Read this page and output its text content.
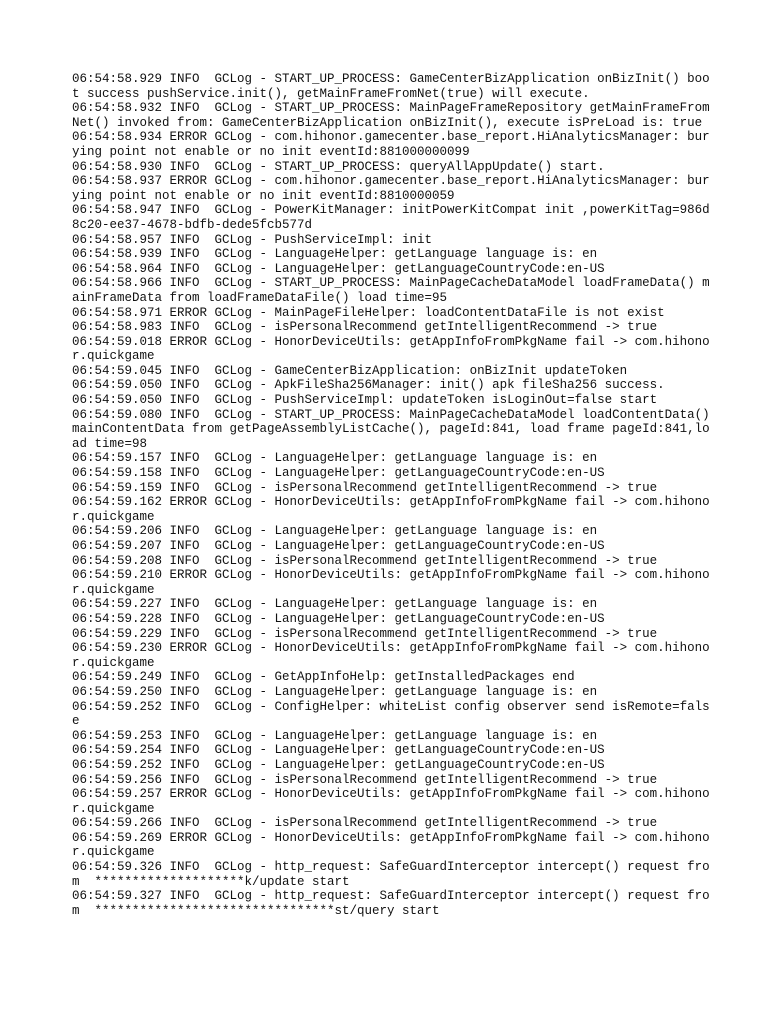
06:54:58.929 INFO  GCLog - START_UP_PROCESS: GameCenterBizApplication onBizInit() boot success pushService.init(), getMainFrameFromNet(true) will execute.

06:54:58.932 INFO  GCLog - START_UP_PROCESS: MainPageFrameRepository getMainFrameFromNet() invoked from: GameCenterBizApplication onBizInit(), execute isPreLoad is: true

06:54:58.934 ERROR GCLog - com.hihonor.gamecenter.base_report.HiAnalyticsManager: burying point not enable or no init eventId:881000000099

06:54:58.930 INFO  GCLog - START_UP_PROCESS: queryAllAppUpdate() start.

06:54:58.937 ERROR GCLog - com.hihonor.gamecenter.base_report.HiAnalyticsManager: burying point not enable or no init eventId:8810000059

06:54:58.947 INFO  GCLog - PowerKitManager: initPowerKitCompat init ,powerKitTag=986d8c20-ee37-4678-bdfb-dede5fcb577d

06:54:58.957 INFO  GCLog - PushServiceImpl: init

06:54:58.939 INFO  GCLog - LanguageHelper: getLanguage language is: en

06:54:58.964 INFO  GCLog - LanguageHelper: getLanguageCountryCode:en-US

06:54:58.966 INFO  GCLog - START_UP_PROCESS: MainPageCacheDataModel loadFrameData() mainFrameData from loadFrameDataFile() load time=95

06:54:58.971 ERROR GCLog - MainPageFileHelper: loadContentDataFile is not exist

06:54:58.983 INFO  GCLog - isPersonalRecommend getIntelligentRecommend -> true

06:54:59.018 ERROR GCLog - HonorDeviceUtils: getAppInfoFromPkgName fail -> com.hihonor.quickgame

06:54:59.045 INFO  GCLog - GameCenterBizApplication: onBizInit updateToken

06:54:59.050 INFO  GCLog - ApkFileSha256Manager: init() apk fileSha256 success.

06:54:59.050 INFO  GCLog - PushServiceImpl: updateToken isLoginOut=false start

06:54:59.080 INFO  GCLog - START_UP_PROCESS: MainPageCacheDataModel loadContentData() mainContentData from getPageAssemblyListCache(), pageId:841, load frame pageId:841,load time=98

06:54:59.157 INFO  GCLog - LanguageHelper: getLanguage language is: en

06:54:59.158 INFO  GCLog - LanguageHelper: getLanguageCountryCode:en-US

06:54:59.159 INFO  GCLog - isPersonalRecommend getIntelligentRecommend -> true

06:54:59.162 ERROR GCLog - HonorDeviceUtils: getAppInfoFromPkgName fail -> com.hihonor.quickgame

06:54:59.206 INFO  GCLog - LanguageHelper: getLanguage language is: en

06:54:59.207 INFO  GCLog - LanguageHelper: getLanguageCountryCode:en-US

06:54:59.208 INFO  GCLog - isPersonalRecommend getIntelligentRecommend -> true

06:54:59.210 ERROR GCLog - HonorDeviceUtils: getAppInfoFromPkgName fail -> com.hihonor.quickgame

06:54:59.227 INFO  GCLog - LanguageHelper: getLanguage language is: en

06:54:59.228 INFO  GCLog - LanguageHelper: getLanguageCountryCode:en-US

06:54:59.229 INFO  GCLog - isPersonalRecommend getIntelligentRecommend -> true

06:54:59.230 ERROR GCLog - HonorDeviceUtils: getAppInfoFromPkgName fail -> com.hihonor.quickgame

06:54:59.249 INFO  GCLog - GetAppInfoHelp: getInstalledPackages end

06:54:59.250 INFO  GCLog - LanguageHelper: getLanguage language is: en

06:54:59.252 INFO  GCLog - ConfigHelper: whiteList config observer send isRemote=false

06:54:59.253 INFO  GCLog - LanguageHelper: getLanguage language is: en

06:54:59.254 INFO  GCLog - LanguageHelper: getLanguageCountryCode:en-US

06:54:59.252 INFO  GCLog - LanguageHelper: getLanguageCountryCode:en-US

06:54:59.256 INFO  GCLog - isPersonalRecommend getIntelligentRecommend -> true

06:54:59.257 ERROR GCLog - HonorDeviceUtils: getAppInfoFromPkgName fail -> com.hihonor.quickgame

06:54:59.266 INFO  GCLog - isPersonalRecommend getIntelligentRecommend -> true

06:54:59.269 ERROR GCLog - HonorDeviceUtils: getAppInfoFromPkgName fail -> com.hihonor.quickgame

06:54:59.326 INFO  GCLog - http_request: SafeGuardInterceptor intercept() request from  ********************k/update start

06:54:59.327 INFO  GCLog - http_request: SafeGuardInterceptor intercept() request from  ********************************st/query start
